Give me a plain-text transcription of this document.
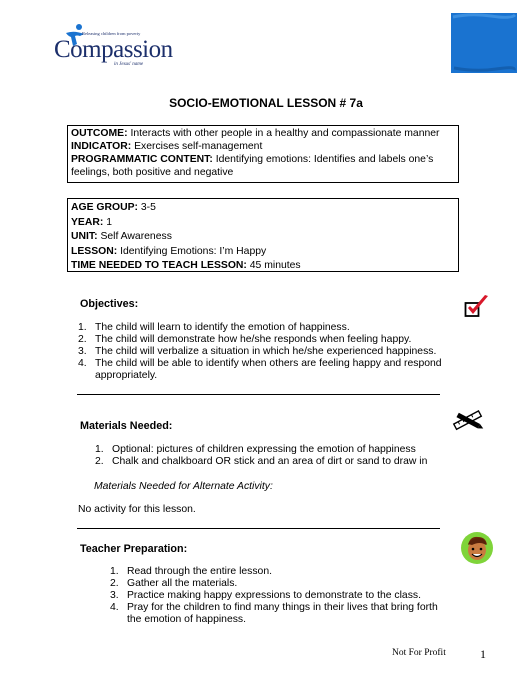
Releasing children from poverty
Compassion
in Jesus' name
SOCIO-EMOTIONAL LESSON # 7a

OUTCOME: Interacts with other people in a healthy and compassionate manner

INDICATOR: Exercises self-management

PROGRAMMATIC CONTENT: Identifying emotions: Identifies and labels one’s feelings, both positive and negative

AGE GROUP: 3-5

YEAR: 1

UNIT: Self Awareness

LESSON: Identifying Emotions: I’m Happy

TIME NEEDED TO TEACH LESSON: 45 minutes

Objectives:
1. The child will learn to identify the emotion of happiness.
2. The child will demonstrate how he/she responds when feeling happy.
3. The child will verbalize a situation in which he/she experienced happiness.
4. The child will be able to identify when others are feeling happy and respond appropriately.
Materials Needed:
1. Optional: pictures of children expressing the emotion of happiness
2. Chalk and chalkboard OR stick and an area of dirt or sand to draw in
Materials Needed for Alternate Activity:
No activity for this lesson.
Teacher Preparation:
1. Read through the entire lesson.
2. Gather all the materials.
3. Practice making happy expressions to demonstrate to the class.
4. Pray for the children to find many things in their lives that bring forth the emotion of happiness.
Not For Profit	1
